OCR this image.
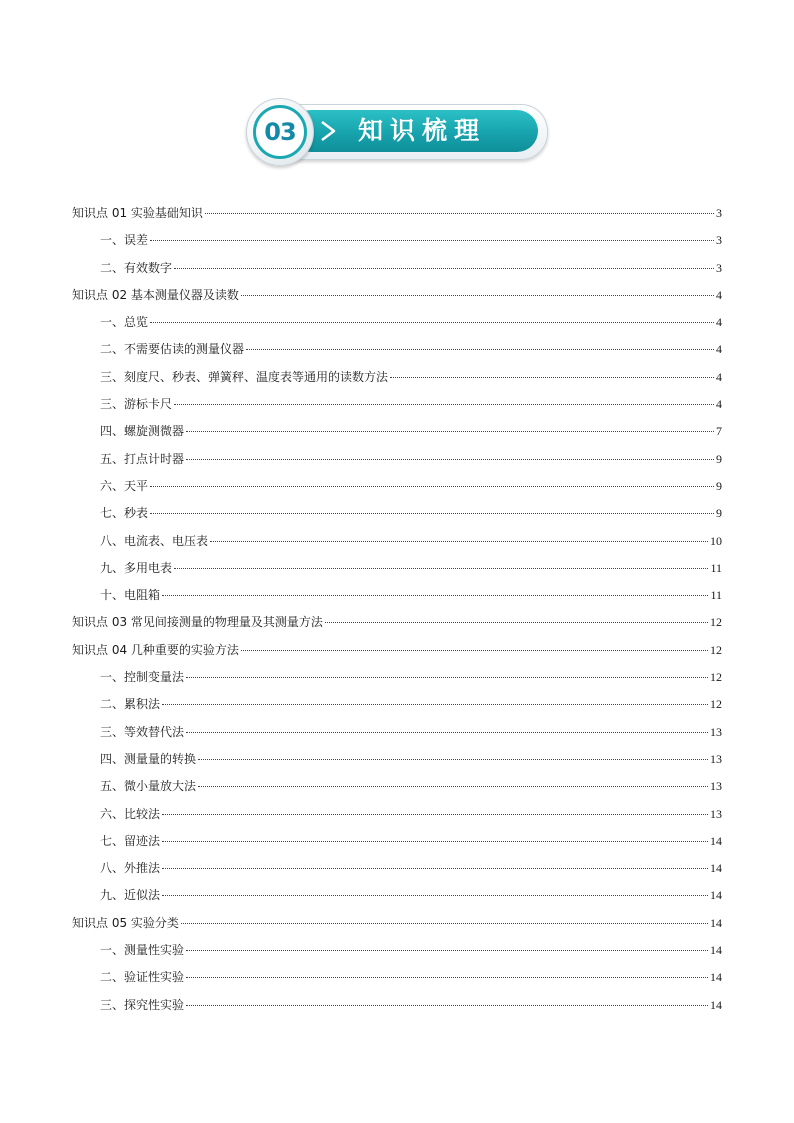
03 知识梳理
知识点 01 实验基础知识	3
一、误差	3
二、有效数字	3
知识点 02 基本测量仪器及读数	4
一、总览	4
二、不需要估读的测量仪器	4
三、刻度尺、秒表、弹簧秤、温度表等通用的读数方法	4
三、游标卡尺	4
四、螺旋测微器	7
五、打点计时器	9
六、天平	9
七、秒表	9
八、电流表、电压表	10
九、多用电表	11
十、电阻箱	11
知识点 03 常见间接测量的物理量及其测量方法	12
知识点 04 几种重要的实验方法	12
一、控制变量法	12
二、累积法	12
三、等效替代法	13
四、测量量的转换	13
五、微小量放大法	13
六、比较法	13
七、留迹法	14
八、外推法	14
九、近似法	14
知识点 05 实验分类	14
一、测量性实验	14
二、验证性实验	14
三、探究性实验	14
